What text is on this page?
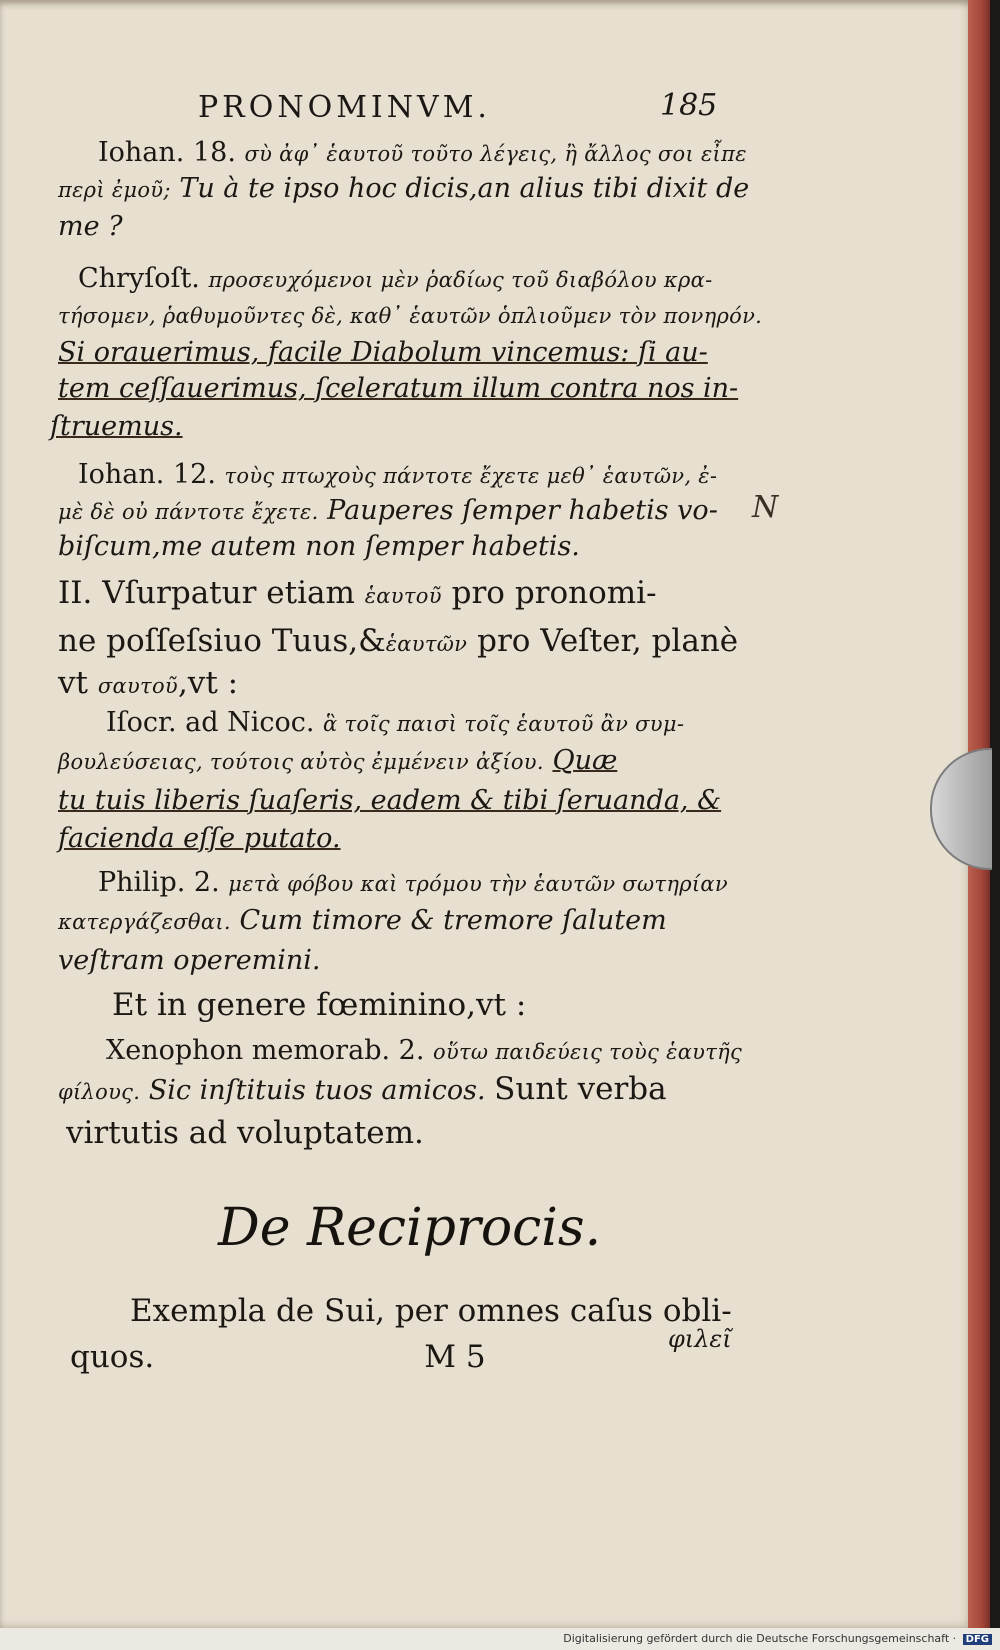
PRONOMINVM.	185
Iohan. 18. σὺ ἀφ᾽ ἑαυτοῦ τοῦτο λέγεις, ἢ ἄλλος σοι εἶπε
περὶ ἐμοῦ; Tu à te ipso hoc dicis,an alius tibi dixit de
me ?
Chryſoſt. προσευχόμενοι μὲν ῥαδίως τοῦ διαβόλου κρα-
τήσομεν, ῥαθυμοῦντες δὲ, καθ᾽ ἑαυτῶν ὁπλιοῦμεν τὸν πονηρόν.
Si orauerimus, facile Diabolum vincemus: ſi au-
tem ceſſauerimus, ſceleratum illum contra nos in-
ſtruemus.
Iohan. 12. τοὺς πτωχοὺς πάντοτε ἔχετε μεθ᾽ ἑαυτῶν, ἐ-
μὲ δὲ οὐ πάντοτε ἔχετε. Pauperes ſemper habetis vo-
biſcum,me autem non ſemper habetis.
II. Vſurpatur etiam ἑαυτοῦ pro pronomi-
ne poſſeſsiuo Tuus,&ἑαυτῶν pro Veſter, planè
vt σαυτοῦ,vt :
Iſocr. ad Nicoc. ἃ τοῖς παισὶ τοῖς ἑαυτοῦ ἂν συμ-
βουλεύσειας, τούτοις αὐτὸς ἐμμένειν ἀξίου. Quæ
tu tuis liberis ſuaſeris, eadem & tibi ſeruanda, &
facienda eſſe putato.
Philip. 2. μετὰ φόβου καὶ τρόμου τὴν ἑαυτῶν σωτηρίαν
κατεργάζεσθαι. Cum timore & tremore ſalutem
veſtram operemini.
Et in genere fœminino,vt :
Xenophon memorab. 2. οὕτω παιδεύεις τοὺς ἑαυτῆς
φίλους. Sic inſtituis tuos amicos. Sunt verba
virtutis ad voluptatem.
De Reciprocis.
Exempla de Sui, per omnes caſus obli-
quos.	M 5	φιλεῖ
N
Digitalisierung gefördert durch die Deutsche Forschungsgemeinschaft · DFG
